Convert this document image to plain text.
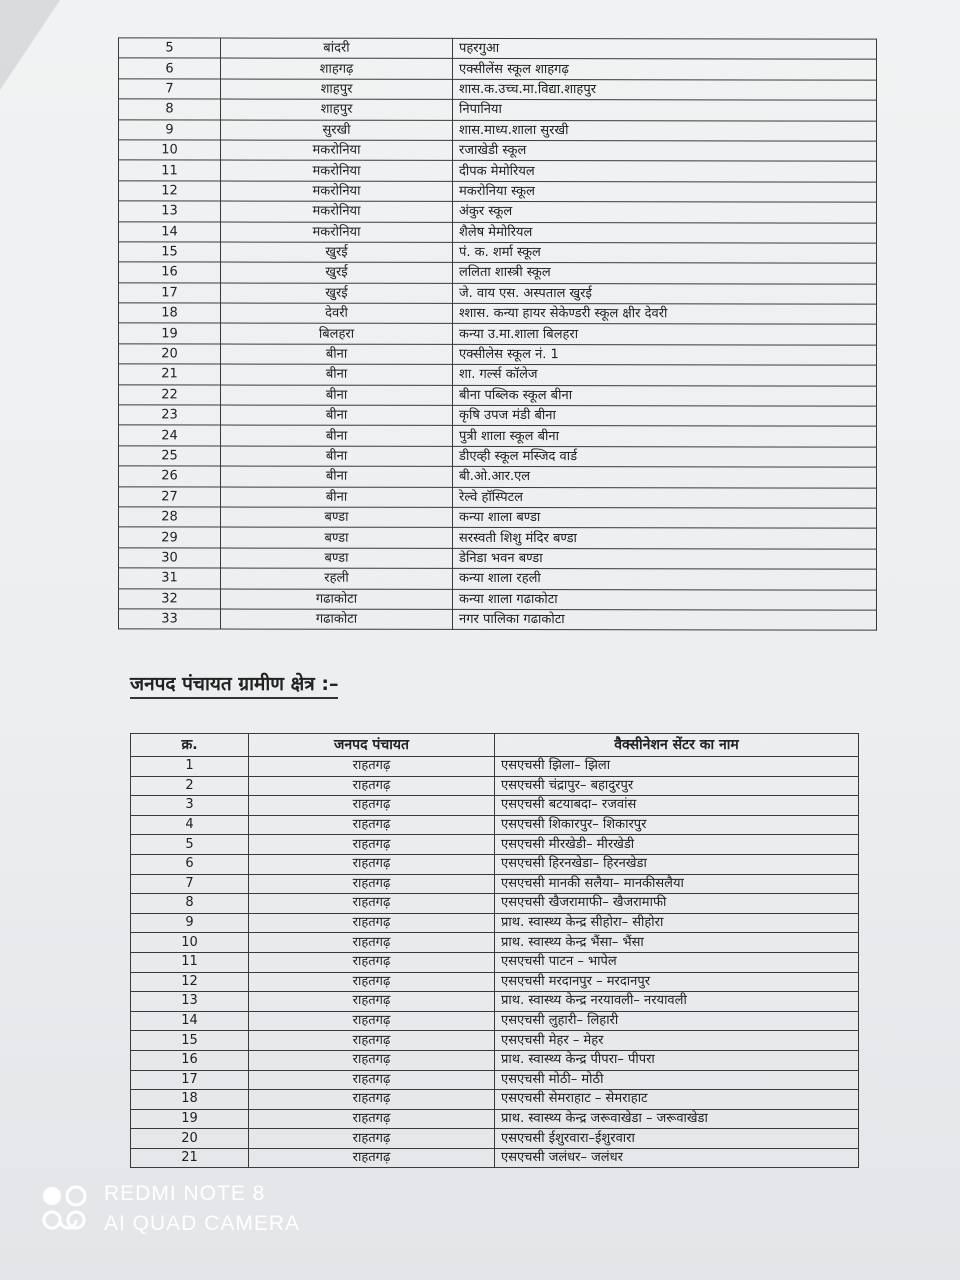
5	बांदरी	पहरगुआ
6	शाहगढ़	एक्सीलेंस स्कूल शाहगढ़
7	शाहपुर	शास.क.उच्च.मा.विद्या.शाहपुर
8	शाहपुर	निपानिया
9	सुरखी	शास.माध्य.शाला सुरखी
10	मकरोनिया	रजाखेडी स्कूल
11	मकरोनिया	दीपक मेमोरियल
12	मकरोनिया	मकरोनिया स्कूल
13	मकरोनिया	अंकुर स्कूल
14	मकरोनिया	शैलेष मेमोरियल
15	खुरई	पं. क. शर्मा स्कूल
16	खुरई	ललिता शास्त्री स्कूल
17	खुरई	जे. वाय एस. अस्पताल खुरई
18	देवरी	श्शास. कन्या हायर सेकेण्डरी स्कूल क्षीर देवरी
19	बिलहरा	कन्या उ.मा.शाला बिलहरा
20	बीना	एक्सीलेस स्कूल नं. 1
21	बीना	शा. गर्ल्स कॉलेज
22	बीना	बीना पब्लिक स्कूल बीना
23	बीना	कृषि उपज मंडी बीना
24	बीना	पुत्री शाला स्कूल बीना
25	बीना	डीएव्ही स्कूल मस्जिद वार्ड
26	बीना	बी.ओ.आर.एल
27	बीना	रेल्वे हॉस्पिटल
28	बण्डा	कन्या शाला बण्डा
29	बण्डा	सरस्वती शिशु मंदिर बण्डा
30	बण्डा	डेनिडा भवन बण्डा
31	रहली	कन्या शाला रहली
32	गढाकोटा	कन्या शाला गढाकोटा
33	गढाकोटा	नगर पालिका गढाकोटा
जनपद पंचायत ग्रामीण क्षेत्र :–
क्र.	जनपद पंचायत	वैक्सीनेशन सेंटर का नाम
1	राहतगढ़	एसएचसी झिला– झिला
2	राहतगढ़	एसएचसी चंद्रापुर– बहादुरपुर
3	राहतगढ़	एसएचसी बटयाबदा– रजवांस
4	राहतगढ़	एसएचसी शिकारपुर– शिकारपुर
5	राहतगढ़	एसएचसी मीरखेडी– मीरखेडी
6	राहतगढ़	एसएचसी हिरनखेडा– हिरनखेडा
7	राहतगढ़	एसएचसी मानकी सलैया– मानकीसलैया
8	राहतगढ़	एसएचसी खैजरामाफी– खैजरामाफी
9	राहतगढ़	प्राथ. स्वास्थ्य केन्द्र सीहोरा– सीहोरा
10	राहतगढ़	प्राथ. स्वास्थ्य केन्द्र भैंसा– भैंसा
11	राहतगढ़	एसएचसी पाटन – भापेल
12	राहतगढ़	एसएचसी मरदानपुर – मरदानपुर
13	राहतगढ़	प्राथ. स्वास्थ्य केन्द्र नरयावली– नरयावली
14	राहतगढ़	एसएचसी लुहारी– लिहारी
15	राहतगढ़	एसएचसी मेहर – मेहर
16	राहतगढ़	प्राथ. स्वास्थ्य केन्द्र पीपरा– पीपरा
17	राहतगढ़	एसएचसी मोठी– मोठी
18	राहतगढ़	एसएचसी सेमराहाट – सेमराहाट
19	राहतगढ़	प्राथ. स्वास्थ्य केन्द्र जरूवाखेडा – जरूवाखेडा
20	राहतगढ़	एसएचसी ईशुरवारा–ईशुरवारा
21	राहतगढ़	एसएचसी जलंधर– जलंधर
REDMI NOTE 8
AI QUAD CAMERA
